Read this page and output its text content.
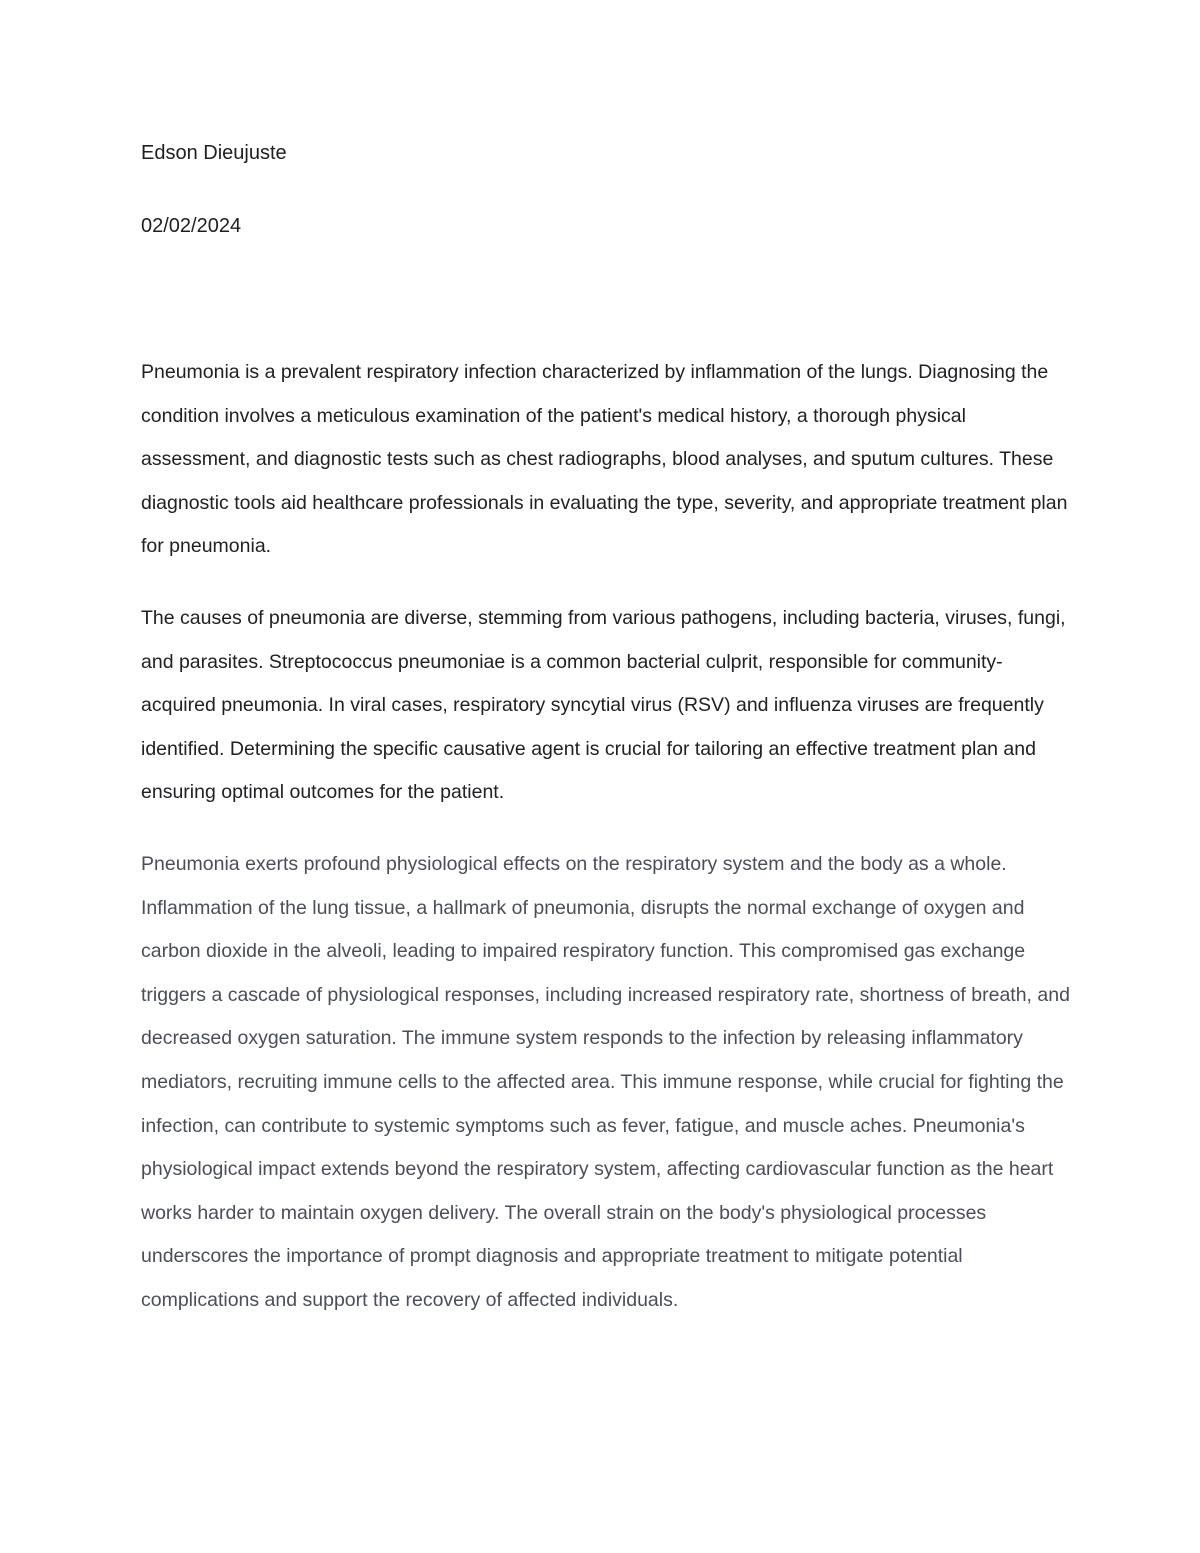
Edson Dieujuste

02/02/2024

Pneumonia is a prevalent respiratory infection characterized by inflammation of the lungs. Diagnosing the condition involves a meticulous examination of the patient's medical history, a thorough physical assessment, and diagnostic tests such as chest radiographs, blood analyses, and sputum cultures. These diagnostic tools aid healthcare professionals in evaluating the type, severity, and appropriate treatment plan for pneumonia.

The causes of pneumonia are diverse, stemming from various pathogens, including bacteria, viruses, fungi, and parasites. Streptococcus pneumoniae is a common bacterial culprit, responsible for community-acquired pneumonia. In viral cases, respiratory syncytial virus (RSV) and influenza viruses are frequently identified. Determining the specific causative agent is crucial for tailoring an effective treatment plan and ensuring optimal outcomes for the patient.

Pneumonia exerts profound physiological effects on the respiratory system and the body as a whole. Inflammation of the lung tissue, a hallmark of pneumonia, disrupts the normal exchange of oxygen and carbon dioxide in the alveoli, leading to impaired respiratory function. This compromised gas exchange triggers a cascade of physiological responses, including increased respiratory rate, shortness of breath, and decreased oxygen saturation. The immune system responds to the infection by releasing inflammatory mediators, recruiting immune cells to the affected area. This immune response, while crucial for fighting the infection, can contribute to systemic symptoms such as fever, fatigue, and muscle aches. Pneumonia's physiological impact extends beyond the respiratory system, affecting cardiovascular function as the heart works harder to maintain oxygen delivery. The overall strain on the body's physiological processes underscores the importance of prompt diagnosis and appropriate treatment to mitigate potential complications and support the recovery of affected individuals.
